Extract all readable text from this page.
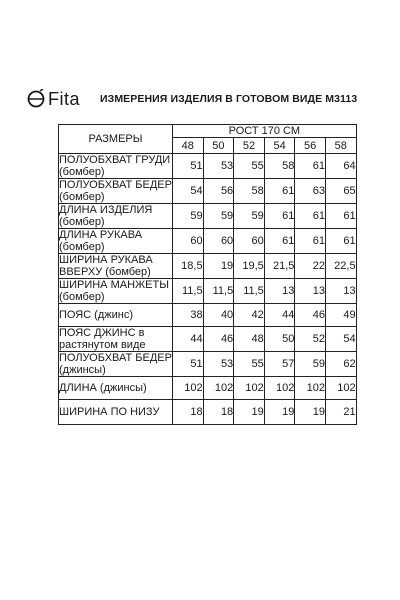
Fita ИЗМЕРЕНИЯ ИЗДЕЛИЯ В ГОТОВОМ ВИДЕ М3113
РАЗМЕРЫ	РОСТ 170 СМ					
	48	50	52	54	56	58

ПОЛУОБХВАТ ГРУДИ
(бомбер)	51	53	55	58	61	64

ПОЛУОБХВАТ БЕДЕР
(бомбер)	54	56	58	61	63	65

ДЛИНА ИЗДЕЛИЯ
(бомбер)	59	59	59	61	61	61

ДЛИНА РУКАВА
(бомбер)	60	60	60	61	61	61

ШИРИНА РУКАВА
ВВЕРХУ (бомбер)	18,5	19	19,5	21,5	22	22,5

ШИРИНА МАНЖЕТЫ
(бомбер)	11,5	11,5	11,5	13	13	13

ПОЯС (джинс)	38	40	42	44	46	49

ПОЯС ДЖИНС в
растянутом виде	44	46	48	50	52	54

ПОЛУОБХВАТ БЕДЕР
(джинсы)	51	53	55	57	59	62

ДЛИНА (джинсы)	102	102	102	102	102	102

ШИРИНА ПО НИЗУ	18	18	19	19	19	21
